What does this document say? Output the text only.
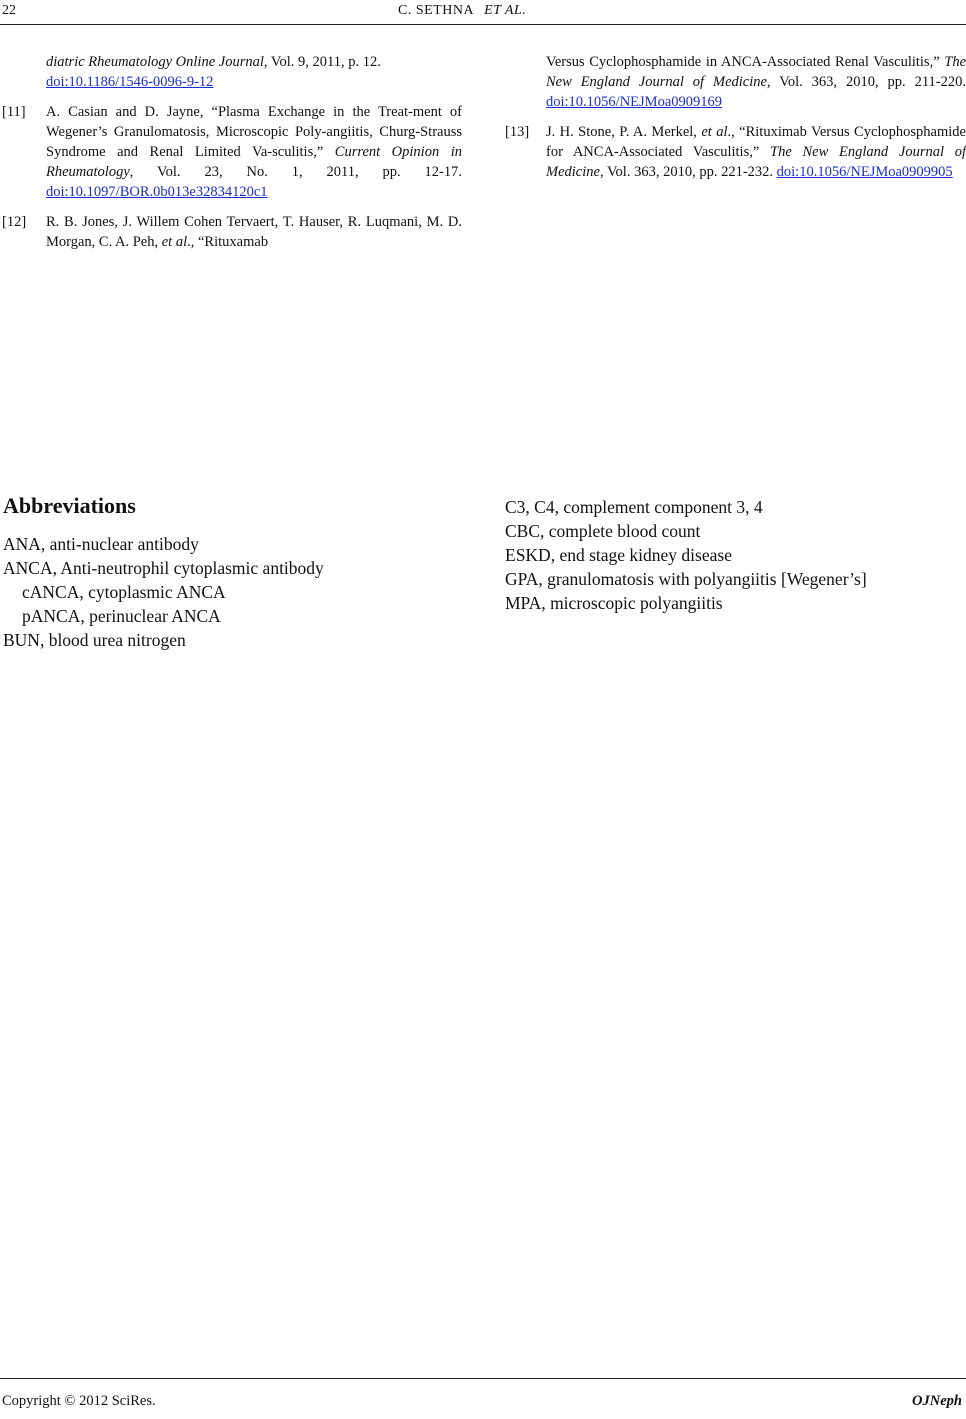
22	C. SETHNA ET AL.
diatric Rheumatology Online Journal, Vol. 9, 2011, p. 12.
doi:10.1186/1546-0096-9-12
[11] A. Casian and D. Jayne, “Plasma Exchange in the Treat-ment of Wegener’s Granulomatosis, Microscopic Poly-angiitis, Churg-Strauss Syndrome and Renal Limited Va-sculitis,” Current Opinion in Rheumatology, Vol. 23, No. 1, 2011, pp. 12-17. doi:10.1097/BOR.0b013e32834120c1
[12] R. B. Jones, J. Willem Cohen Tervaert, T. Hauser, R. Luqmani, M. D. Morgan, C. A. Peh, et al., “Rituxamab
Versus Cyclophosphamide in ANCA-Associated Renal Vasculitis,” The New England Journal of Medicine, Vol. 363, 2010, pp. 211-220. doi:10.1056/NEJMoa0909169
[13] J. H. Stone, P. A. Merkel, et al., “Rituximab Versus Cyclophosphamide for ANCA-Associated Vasculitis,” The New England Journal of Medicine, Vol. 363, 2010, pp. 221-232. doi:10.1056/NEJMoa0909905
Abbreviations
ANA, anti-nuclear antibody
ANCA, Anti-neutrophil cytoplasmic antibody
cANCA, cytoplasmic ANCA
pANCA, perinuclear ANCA
BUN, blood urea nitrogen
C3, C4, complement component 3, 4
CBC, complete blood count
ESKD, end stage kidney disease
GPA, granulomatosis with polyangiitis [Wegener’s]
MPA, microscopic polyangiitis
Copyright © 2012 SciRes.	OJNeph
